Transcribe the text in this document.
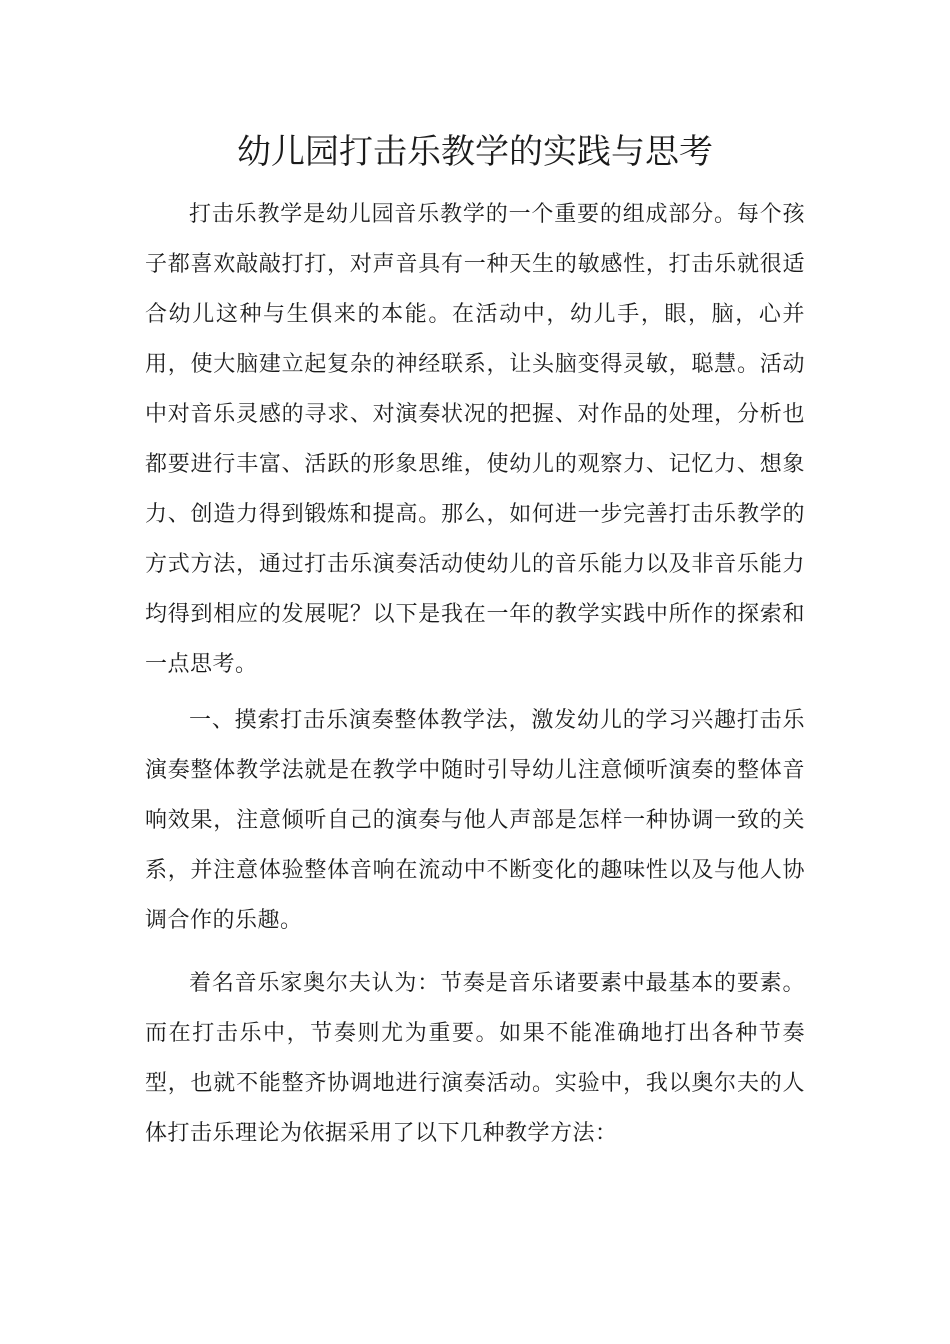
幼儿园打击乐教学的实践与思考

打击乐教学是幼儿园音乐教学的一个重要的组成部分。每个孩子都喜欢敲敲打打，对声音具有一种天生的敏感性，打击乐就很适合幼儿这种与生俱来的本能。在活动中，幼儿手，眼，脑，心并用，使大脑建立起复杂的神经联系，让头脑变得灵敏，聪慧。活动中对音乐灵感的寻求、对演奏状况的把握、对作品的处理，分析也都要进行丰富、活跃的形象思维，使幼儿的观察力、记忆力、想象力、创造力得到锻炼和提高。那么，如何进一步完善打击乐教学的方式方法，通过打击乐演奏活动使幼儿的音乐能力以及非音乐能力均得到相应的发展呢？以下是我在一年的教学实践中所作的探索和一点思考。

一、摸索打击乐演奏整体教学法，激发幼儿的学习兴趣打击乐演奏整体教学法就是在教学中随时引导幼儿注意倾听演奏的整体音响效果，注意倾听自己的演奏与他人声部是怎样一种协调一致的关系，并注意体验整体音响在流动中不断变化的趣味性以及与他人协调合作的乐趣。

着名音乐家奥尔夫认为：节奏是音乐诸要素中最基本的要素。而在打击乐中，节奏则尤为重要。如果不能准确地打出各种节奏型，也就不能整齐协调地进行演奏活动。实验中，我以奥尔夫的人体打击乐理论为依据采用了以下几种教学方法：
